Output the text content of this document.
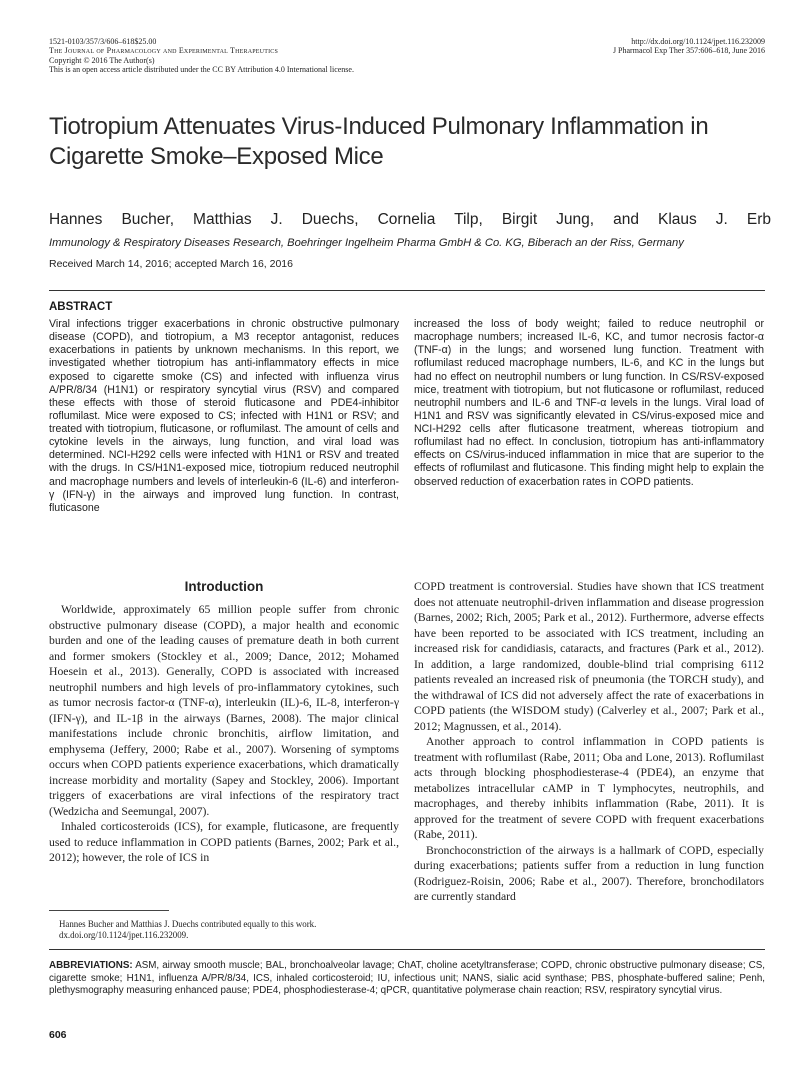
1521-0103/357/3/606–618$25.00
The Journal of Pharmacology and Experimental Therapeutics
Copyright © 2016 The Author(s)
This is an open access article distributed under the CC BY Attribution 4.0 International license.
http://dx.doi.org/10.1124/jpet.116.232009
J Pharmacol Exp Ther 357:606–618, June 2016
Tiotropium Attenuates Virus-Induced Pulmonary Inflammation in Cigarette Smoke–Exposed Mice
Hannes Bucher, Matthias J. Duechs, Cornelia Tilp, Birgit Jung, and Klaus J. Erb
Immunology & Respiratory Diseases Research, Boehringer Ingelheim Pharma GmbH & Co. KG, Biberach an der Riss, Germany
Received March 14, 2016; accepted March 16, 2016
ABSTRACT
Viral infections trigger exacerbations in chronic obstructive pulmonary disease (COPD), and tiotropium, a M3 receptor antagonist, reduces exacerbations in patients by unknown mechanisms. In this report, we investigated whether tiotropium has anti-inflammatory effects in mice exposed to cigarette smoke (CS) and infected with influenza virus A/PR/8/34 (H1N1) or respiratory syncytial virus (RSV) and compared these effects with those of steroid fluticasone and PDE4-inhibitor roflumilast. Mice were exposed to CS; infected with H1N1 or RSV; and treated with tiotropium, fluticasone, or roflumilast. The amount of cells and cytokine levels in the airways, lung function, and viral load was determined. NCI-H292 cells were infected with H1N1 or RSV and treated with the drugs. In CS/H1N1-exposed mice, tiotropium reduced neutrophil and macrophage numbers and levels of interleukin-6 (IL-6) and interferon-γ (IFN-γ) in the airways and improved lung function. In contrast, fluticasone
increased the loss of body weight; failed to reduce neutrophil or macrophage numbers; increased IL-6, KC, and tumor necrosis factor-α (TNF-α) in the lungs; and worsened lung function. Treatment with roflumilast reduced macrophage numbers, IL-6, and KC in the lungs but had no effect on neutrophil numbers or lung function. In CS/RSV-exposed mice, treatment with tiotropium, but not fluticasone or roflumilast, reduced neutrophil numbers and IL-6 and TNF-α levels in the lungs. Viral load of H1N1 and RSV was significantly elevated in CS/virus-exposed mice and NCI-H292 cells after fluticasone treatment, whereas tiotropium and roflumilast had no effect. In conclusion, tiotropium has anti-inflammatory effects on CS/virus-induced inflammation in mice that are superior to the effects of roflumilast and fluticasone. This finding might help to explain the observed reduction of exacerbation rates in COPD patients.
Introduction

Worldwide, approximately 65 million people suffer from chronic obstructive pulmonary disease (COPD), a major health and economic burden and one of the leading causes of premature death in both current and former smokers (Stockley et al., 2009; Dance, 2012; Mohamed Hoesein et al., 2013). Generally, COPD is associated with increased neutrophil numbers and high levels of pro-inflammatory cytokines, such as tumor necrosis factor-α (TNF-α), interleukin (IL)-6, IL-8, interferon-γ (IFN-γ), and IL-1β in the airways (Barnes, 2008). The major clinical manifestations include chronic bronchitis, airflow limitation, and emphysema (Jeffery, 2000; Rabe et al., 2007). Worsening of symptoms occurs when COPD patients experience exacerbations, which dramatically increase morbidity and mortality (Sapey and Stockley, 2006). Important triggers of exacerbations are viral infections of the respiratory tract (Wedzicha and Seemungal, 2007).

Inhaled corticosteroids (ICS), for example, fluticasone, are frequently used to reduce inflammation in COPD patients (Barnes, 2002; Park et al., 2012); however, the role of ICS in

COPD treatment is controversial. Studies have shown that ICS treatment does not attenuate neutrophil-driven inflammation and disease progression (Barnes, 2002; Rich, 2005; Park et al., 2012). Furthermore, adverse effects have been reported to be associated with ICS treatment, including an increased risk for candidiasis, cataracts, and fractures (Park et al., 2012). In addition, a large randomized, double-blind trial comprising 6112 patients revealed an increased risk of pneumonia (the TORCH study), and the withdrawal of ICS did not adversely affect the rate of exacerbations in COPD patients (the WISDOM study) (Calverley et al., 2007; Park et al., 2012; Magnussen, et al., 2014).

Another approach to control inflammation in COPD patients is treatment with roflumilast (Rabe, 2011; Oba and Lone, 2013). Roflumilast acts through blocking phosphodiesterase-4 (PDE4), an enzyme that metabolizes intracellular cAMP in T lymphocytes, neutrophils, and macrophages, and thereby inhibits inflammation (Rabe, 2011). It is approved for the treatment of severe COPD with frequent exacerbations (Rabe, 2011).

Bronchoconstriction of the airways is a hallmark of COPD, especially during exacerbations; patients suffer from a reduction in lung function (Rodriguez-Roisin, 2006; Rabe et al., 2007). Therefore, bronchodilators are currently standard

Hannes Bucher and Matthias J. Duechs contributed equally to this work.
dx.doi.org/10.1124/jpet.116.232009.
ABBREVIATIONS: ASM, airway smooth muscle; BAL, bronchoalveolar lavage; ChAT, choline acetyltransferase; COPD, chronic obstructive pulmonary disease; CS, cigarette smoke; H1N1, influenza A/PR/8/34, ICS, inhaled corticosteroid; IU, infectious unit; NANS, sialic acid synthase; PBS, phosphate-buffered saline; Penh, plethysmography measuring enhanced pause; PDE4, phosphodiesterase-4; qPCR, quantitative polymerase chain reaction; RSV, respiratory syncytial virus.
606
